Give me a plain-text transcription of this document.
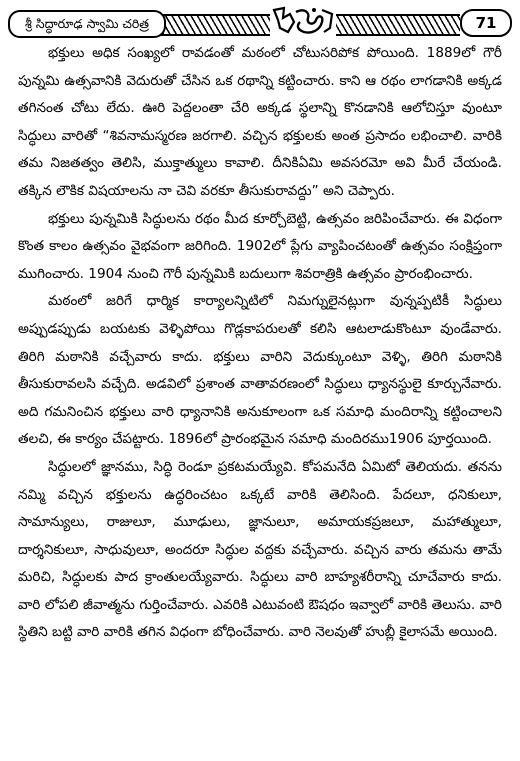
శ్రీ సిద్ధారూఢ స్వామి చరిత్ర	71

భక్తులు అధిక సంఖ్యలో రావడంతో మఠంలో చోటుసరిపోక పోయింది. 1889లో గౌరీ పున్నమి ఉత్సవానికి వెదురుతో చేసిన ఒక రథాన్ని కట్టించారు. కాని ఆ రథం లాగడానికి అక్కడ తగినంత చోటు లేదు. ఊరి పెద్దలంతా చేరి అక్కడ స్థలాన్ని కొనడానికి ఆలోచిస్తూ వుంటూ సిద్ధులు వారితో “శివనామస్మరణ జరగాలి. వచ్చిన భక్తులకు అంత ప్రసాదం లభించాలి. వారికి తమ నిజతత్వం తెలిసి, ముక్తాత్ములు కావాలి. దీనికిఏమి అవసరమో అవి మీరే చేయండి. తక్కిన లౌకిక విషయాలను నా చెవి వరకూ తీసుకురావద్దు” అని చెప్పారు.

భక్తులు పున్నమికి సిద్ధులను రథం మీద కూర్చోబెట్టి, ఉత్సవం జరిపించేవారు. ఈ విధంగా కొంత కాలం ఉత్సవం వైభవంగా జరిగింది. 1902లో ప్లేగు వ్యాపించటంతో ఉత్సవం సంక్షిప్తంగా ముగించారు. 1904 నుంచి గౌరీ పున్నమికి బదులుగా శివరాత్రికి ఉత్సవం ప్రారంభించారు.

మఠంలో జరిగే ధార్మిక కార్యాలన్నిటిలో నిమగ్నులైనట్లుగా వున్నప్పటికీ సిద్ధులు అప్పుడప్పుడు బయటకు వెళ్ళిపోయి గొడ్లకాపరులతో కలిసి ఆటలాడుకొంటూ వుండేవారు. తిరిగి మఠానికి వచ్చేవారు కాదు. భక్తులు వారిని వెదుక్కుంటూ వెళ్ళి, తిరిగి మఠానికి తీసుకురావలసి వచ్చేది. అడవిలో ప్రశాంత వాతావరణంలో సిద్ధులు ధ్యానస్థులై కూర్చునేవారు. అది గమనించిన భక్తులు వారి ధ్యానానికి అనుకూలంగా ఒక సమాధి మందిరాన్ని కట్టించాలని తలచి, ఈ కార్యం చేపట్టారు. 1896లో ప్రారంభమైన సమాధి మందిరము1906 పూర్తయింది.

సిద్ధులలో జ్ఞానము, సిద్ధి రెండూ ప్రకటమయ్యేవి. కోపమనేది ఏమిటో తెలియదు. తనను నమ్మి వచ్చిన భక్తులను ఉద్ధరించటం ఒక్కటే వారికి తెలిసింది. పేదలూ, ధనికులూ, సామాన్యులు, రాజులూ, మూఢులు, జ్ఞానులూ, అమాయకప్రజలూ, మహాత్ములూ, దార్శనికులూ, సాధువులూ, అందరూ సిద్ధుల వద్దకు వచ్చేవారు. వచ్చిన వారు తమను తామే మరిచి, సిద్ధులకు పాద క్రాంతులయ్యేవారు. సిద్ధులు వారి బాహ్యశరీరాన్ని చూచేవారు కాదు. వారి లోపలి జీవాత్మను గుర్తించేవారు. ఎవరికి ఎటువంటి ఔషధం ఇవ్వాలో వారికి తెలుసు. వారి స్థితిని బట్టి వారి వారికి తగిన విధంగా బోధించేవారు. వారి నెలవుతో హుబ్లీ కైలాసమే అయింది.
